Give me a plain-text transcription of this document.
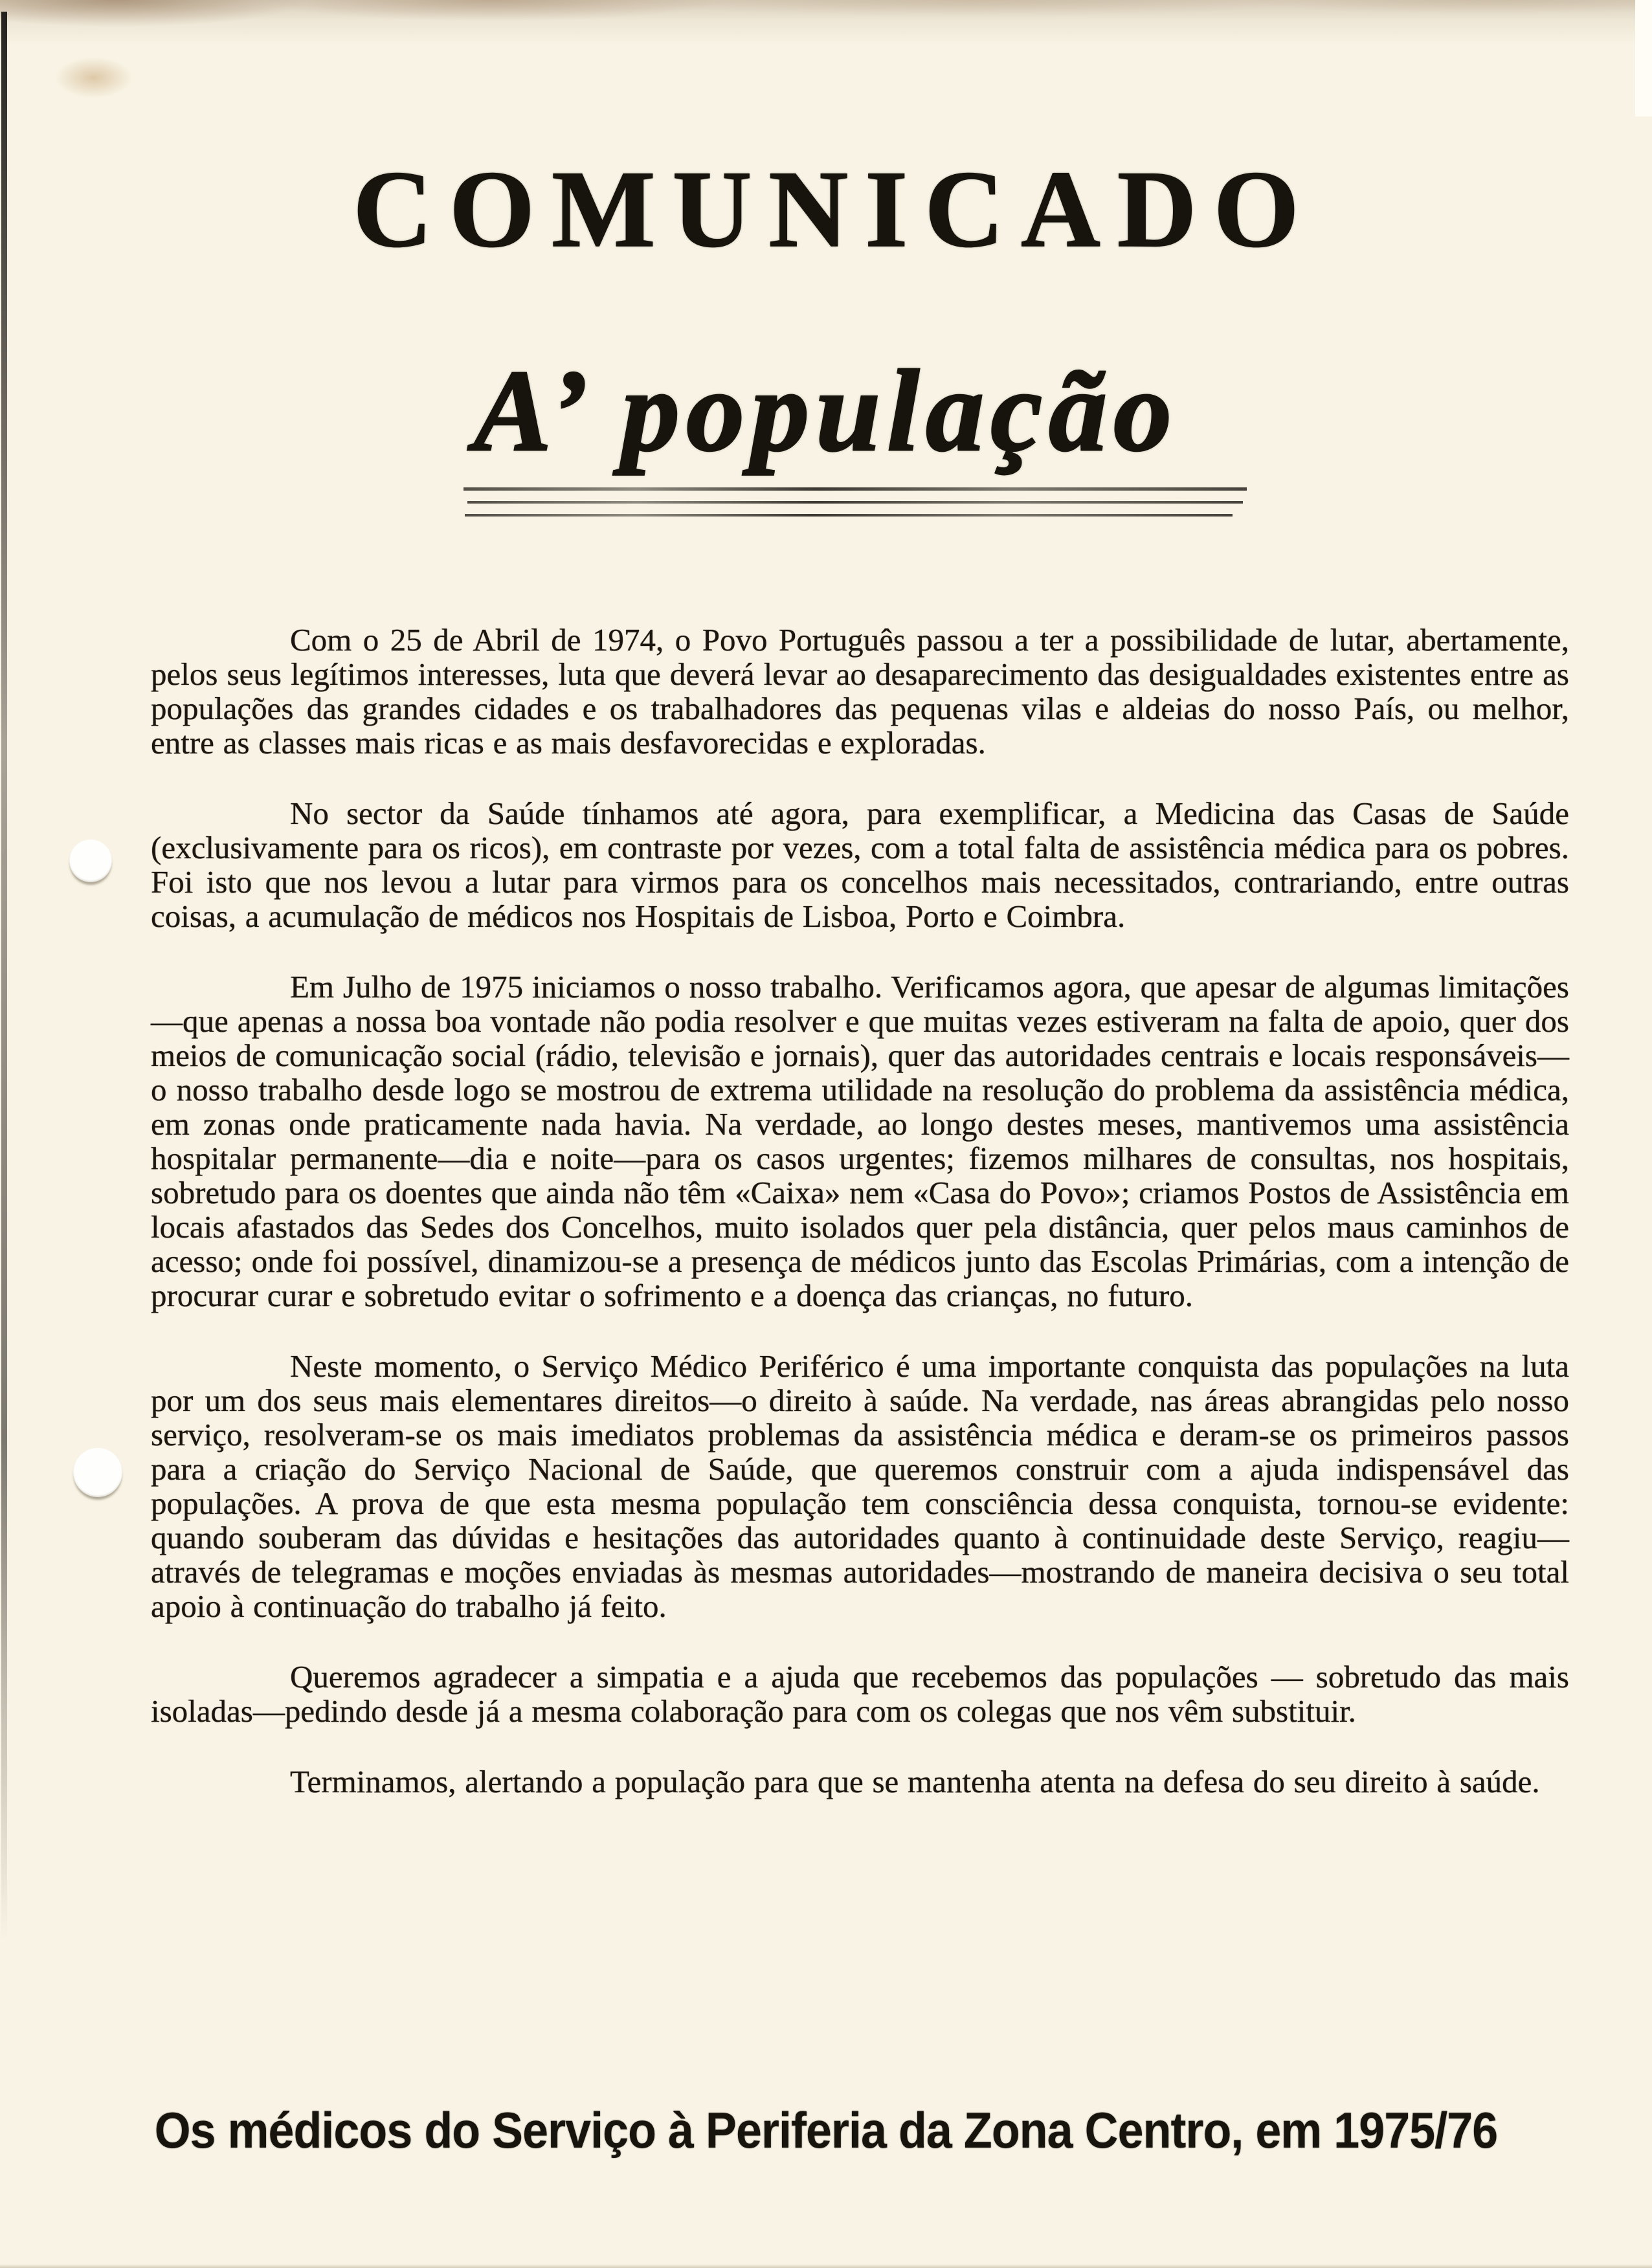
COMUNICADO
A’ população

Com o 25 de Abril de 1974, o Povo Português passou a ter a possibilidade de lutar, abertamente, pelos seus legítimos interesses, luta que deverá levar ao desaparecimento das desigualdades existentes entre as populações das grandes cidades e os trabalhadores das pequenas vilas e aldeias do nosso País, ou melhor, entre as classes mais ricas e as mais desfavorecidas e exploradas.

No sector da Saúde tínhamos até agora, para exemplificar, a Medicina das Casas de Saúde (exclusivamente para os ricos), em contraste por vezes, com a total falta de assistência médica para os pobres. Foi isto que nos levou a lutar para virmos para os concelhos mais necessitados, contrariando, entre outras coisas, a acumulação de médicos nos Hospitais de Lisboa, Porto e Coimbra.

Em Julho de 1975 iniciamos o nosso trabalho. Verificamos agora, que apesar de algumas limitações—que apenas a nossa boa vontade não podia resolver e que muitas vezes estiveram na falta de apoio, quer dos meios de comunicação social (rádio, televisão e jornais), quer das autoridades centrais e locais responsáveis—o nosso trabalho desde logo se mostrou de extrema utilidade na resolução do problema da assistência médica, em zonas onde praticamente nada havia. Na verdade, ao longo destes meses, mantivemos uma assistência hospitalar permanente—dia e noite—para os casos urgentes; fizemos milhares de consultas, nos hospitais, sobretudo para os doentes que ainda não têm «Caixa» nem «Casa do Povo»; criamos Postos de Assistência em locais afastados das Sedes dos Concelhos, muito isolados quer pela distância, quer pelos maus caminhos de acesso; onde foi possível, dinamizou-se a presença de médicos junto das Escolas Primárias, com a intenção de procurar curar e sobretudo evitar o sofrimento e a doença das crianças, no futuro.

Neste momento, o Serviço Médico Periférico é uma importante conquista das populações na luta por um dos seus mais elementares direitos—o direito à saúde. Na verdade, nas áreas abrangidas pelo nosso serviço, resolveram-se os mais imediatos problemas da assistência médica e deram-se os primeiros passos para a criação do Serviço Nacional de Saúde, que queremos construir com a ajuda indispensável das populações. A prova de que esta mesma população tem consciência dessa conquista, tornou-se evidente: quando souberam das dúvidas e hesitações das autoridades quanto à continuidade deste Serviço, reagiu—através de telegramas e moções enviadas às mesmas autoridades—mostrando de maneira decisiva o seu total apoio à continuação do trabalho já feito.

Queremos agradecer a simpatia e a ajuda que recebemos das populações — sobretudo das mais isoladas—pedindo desde já a mesma colaboração para com os colegas que nos vêm substituir.

Terminamos, alertando a população para que se mantenha atenta na defesa do seu direito à saúde.

Os médicos do Serviço à Periferia da Zona Centro, em 1975/76
